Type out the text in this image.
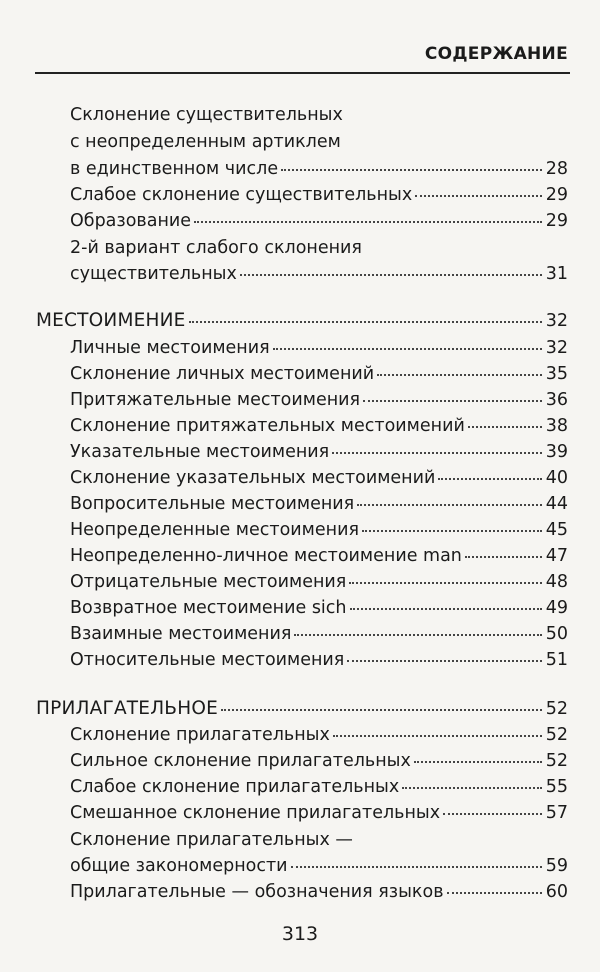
СОДЕРЖАНИЕ
Склонение существительных
с неопределенным артиклем
в единственном числе	28
Слабое склонение существительных	29
Образование	29
2-й вариант слабого склонения
существительных	31
МЕСТОИМЕНИЕ	32
Личные местоимения	32
Склонение личных местоимений	35
Притяжательные местоимения	36
Склонение притяжательных местоимений	38
Указательные местоимения	39
Склонение указательных местоимений	40
Вопросительные местоимения	44
Неопределенные местоимения	45
Неопределенно-личное местоимение man	47
Отрицательные местоимения	48
Возвратное местоимение sich	49
Взаимные местоимения	50
Относительные местоимения	51
ПРИЛАГАТЕЛЬНОЕ	52
Склонение прилагательных	52
Сильное склонение прилагательных	52
Слабое склонение прилагательных	55
Смешанное склонение прилагательных	57
Склонение прилагательных —
общие закономерности	59
Прилагательные — обозначения языков	60
313
